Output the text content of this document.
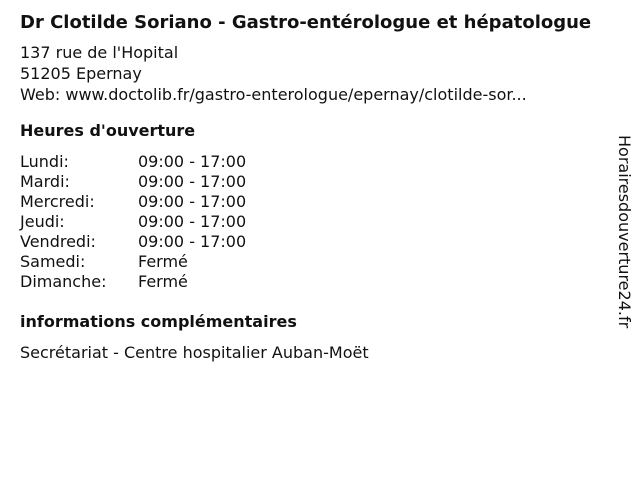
Dr Clotilde Soriano - Gastro-entérologue et hépatologue
137 rue de l'Hopital
51205 Epernay
Web: www.doctolib.fr/gastro-enterologue/epernay/clotilde-sor...
Heures d'ouverture
Lundi:	09:00 - 17:00
Mardi:	09:00 - 17:00
Mercredi:	09:00 - 17:00
Jeudi:	09:00 - 17:00
Vendredi:	09:00 - 17:00
Samedi:	Fermé
Dimanche:	Fermé
informations complémentaires
Secrétariat - Centre hospitalier Auban-Moët
Horairesdouverture24.fr
